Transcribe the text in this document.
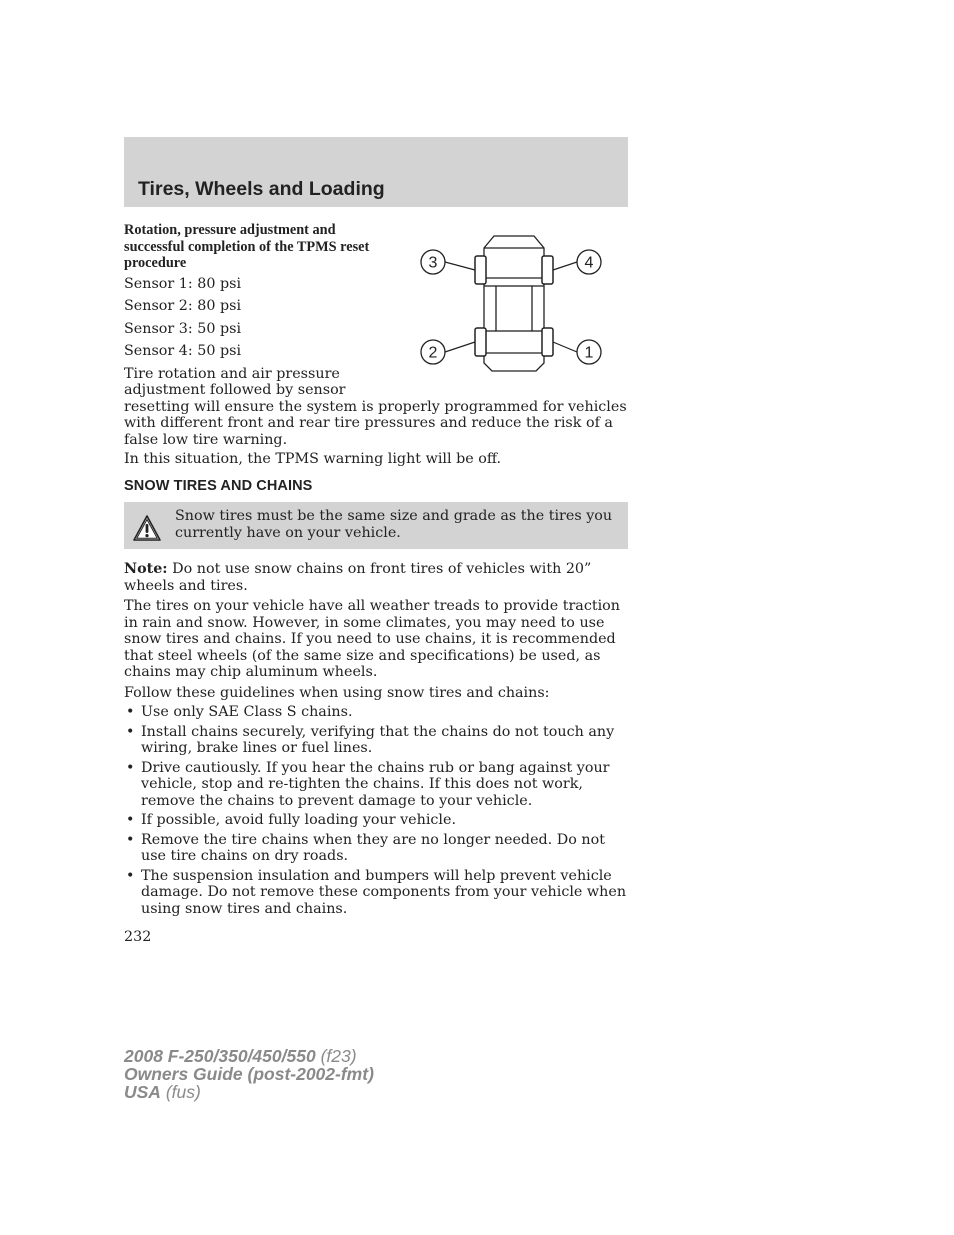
Tires, Wheels and Loading
Rotation, pressure adjustment and successful completion of the TPMS reset procedure

Sensor 1: 80 psi

Sensor 2: 80 psi

Sensor 3: 50 psi

Sensor 4: 50 psi

Tire rotation and air pressure adjustment followed by sensor
resetting will ensure the system is properly programmed for vehicles with different front and rear tire pressures and reduce the risk of a false low tire warning.

In this situation, the TPMS warning light will be off.

3	4
2	1
SNOW TIRES AND CHAINS
Snow tires must be the same size and grade as the tires you currently have on your vehicle.

Note: Do not use snow chains on front tires of vehicles with 20” wheels and tires.

The tires on your vehicle have all weather treads to provide traction in rain and snow. However, in some climates, you may need to use snow tires and chains. If you need to use chains, it is recommended that steel wheels (of the same size and specifications) be used, as chains may chip aluminum wheels.

Follow these guidelines when using snow tires and chains:

• Use only SAE Class S chains.
• Install chains securely, verifying that the chains do not touch any wiring, brake lines or fuel lines.
• Drive cautiously. If you hear the chains rub or bang against your vehicle, stop and re-tighten the chains. If this does not work, remove the chains to prevent damage to your vehicle.
• If possible, avoid fully loading your vehicle.
• Remove the tire chains when they are no longer needed. Do not use tire chains on dry roads.
• The suspension insulation and bumpers will help prevent vehicle damage. Do not remove these components from your vehicle when using snow tires and chains.
232
2008 F-250/350/450/550 (f23)
Owners Guide (post-2002-fmt)
USA (fus)
